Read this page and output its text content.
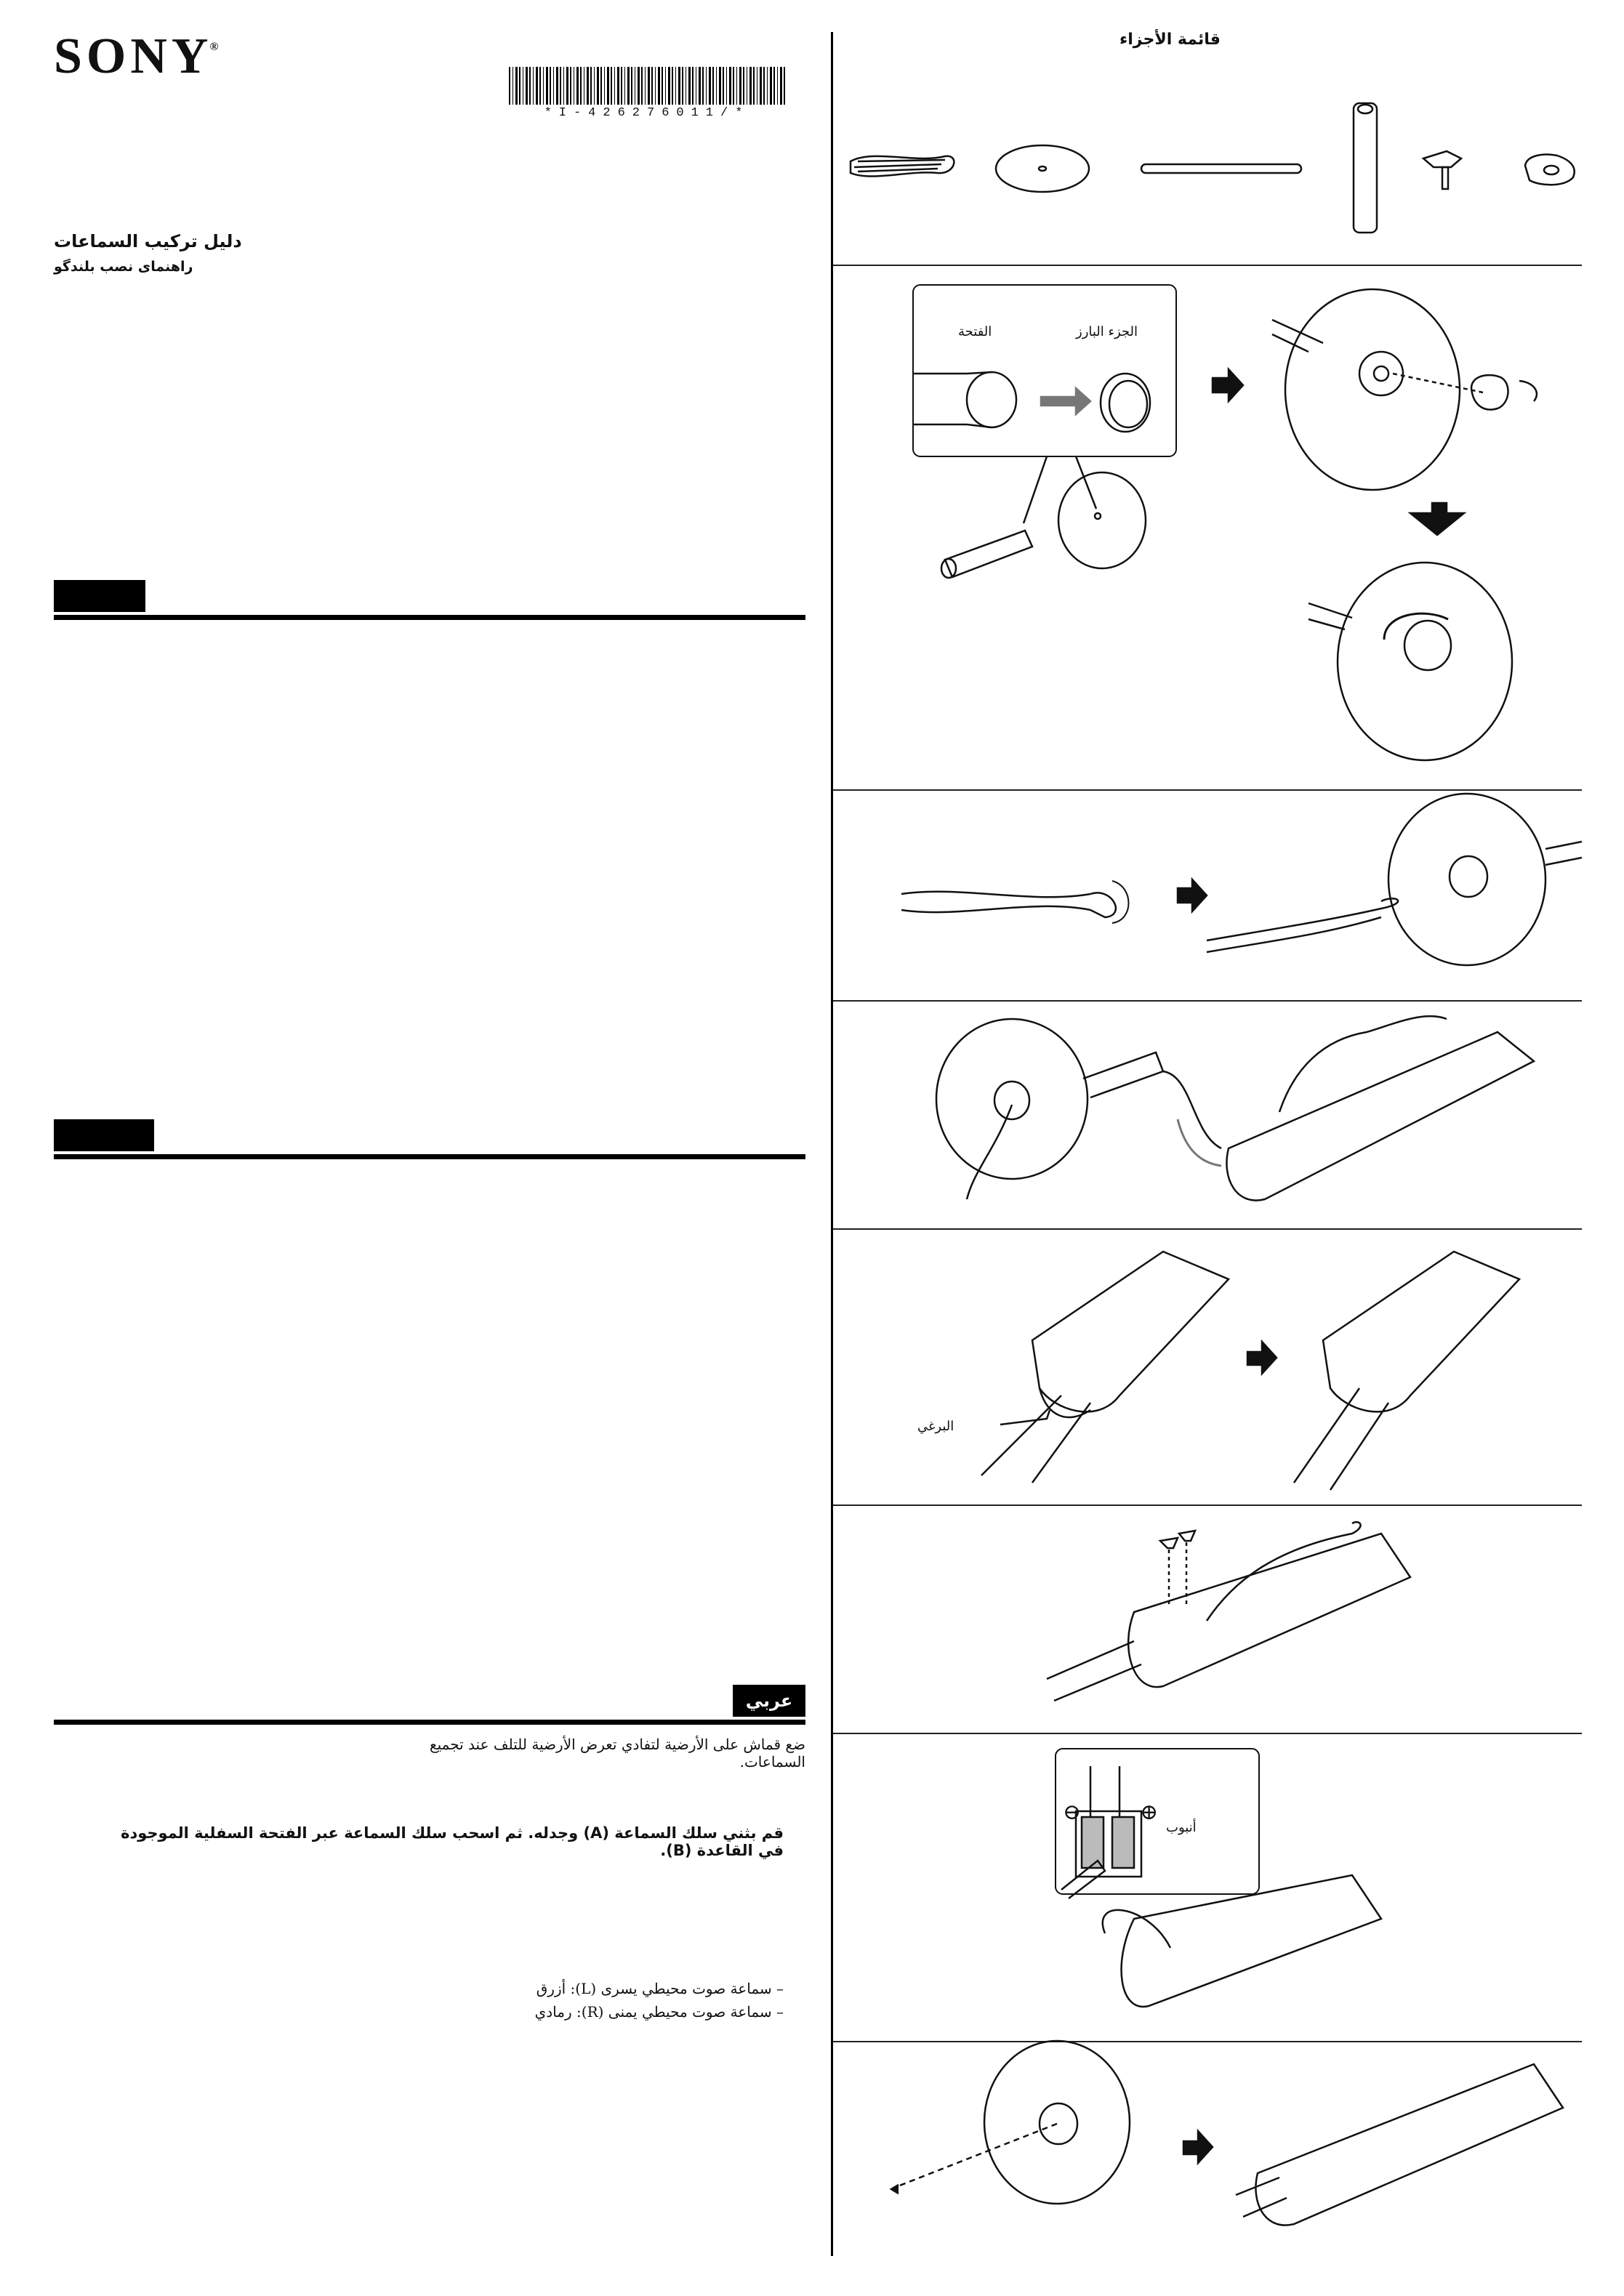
SONY®
*I-426276011/*
دليل تركيب السماعات
راهنمای نصب بلندگو
عربي
ضع قماش على الأرضية لتفادي تعرض الأرضية للتلف عند تجميع السماعات.
قم بثني سلك السماعة (A) وجدله. ثم اسحب سلك السماعة عبر الفتحة السفلية الموجودة في القاعدة (B).
– سماعة صوت محيطي يسرى (L): أزرق
– سماعة صوت محيطي يمنى (R): رمادي
قائمة الأجزاء
الفتحة	الجزء البارز
البرغي
أنبوب
⊖	⊕
